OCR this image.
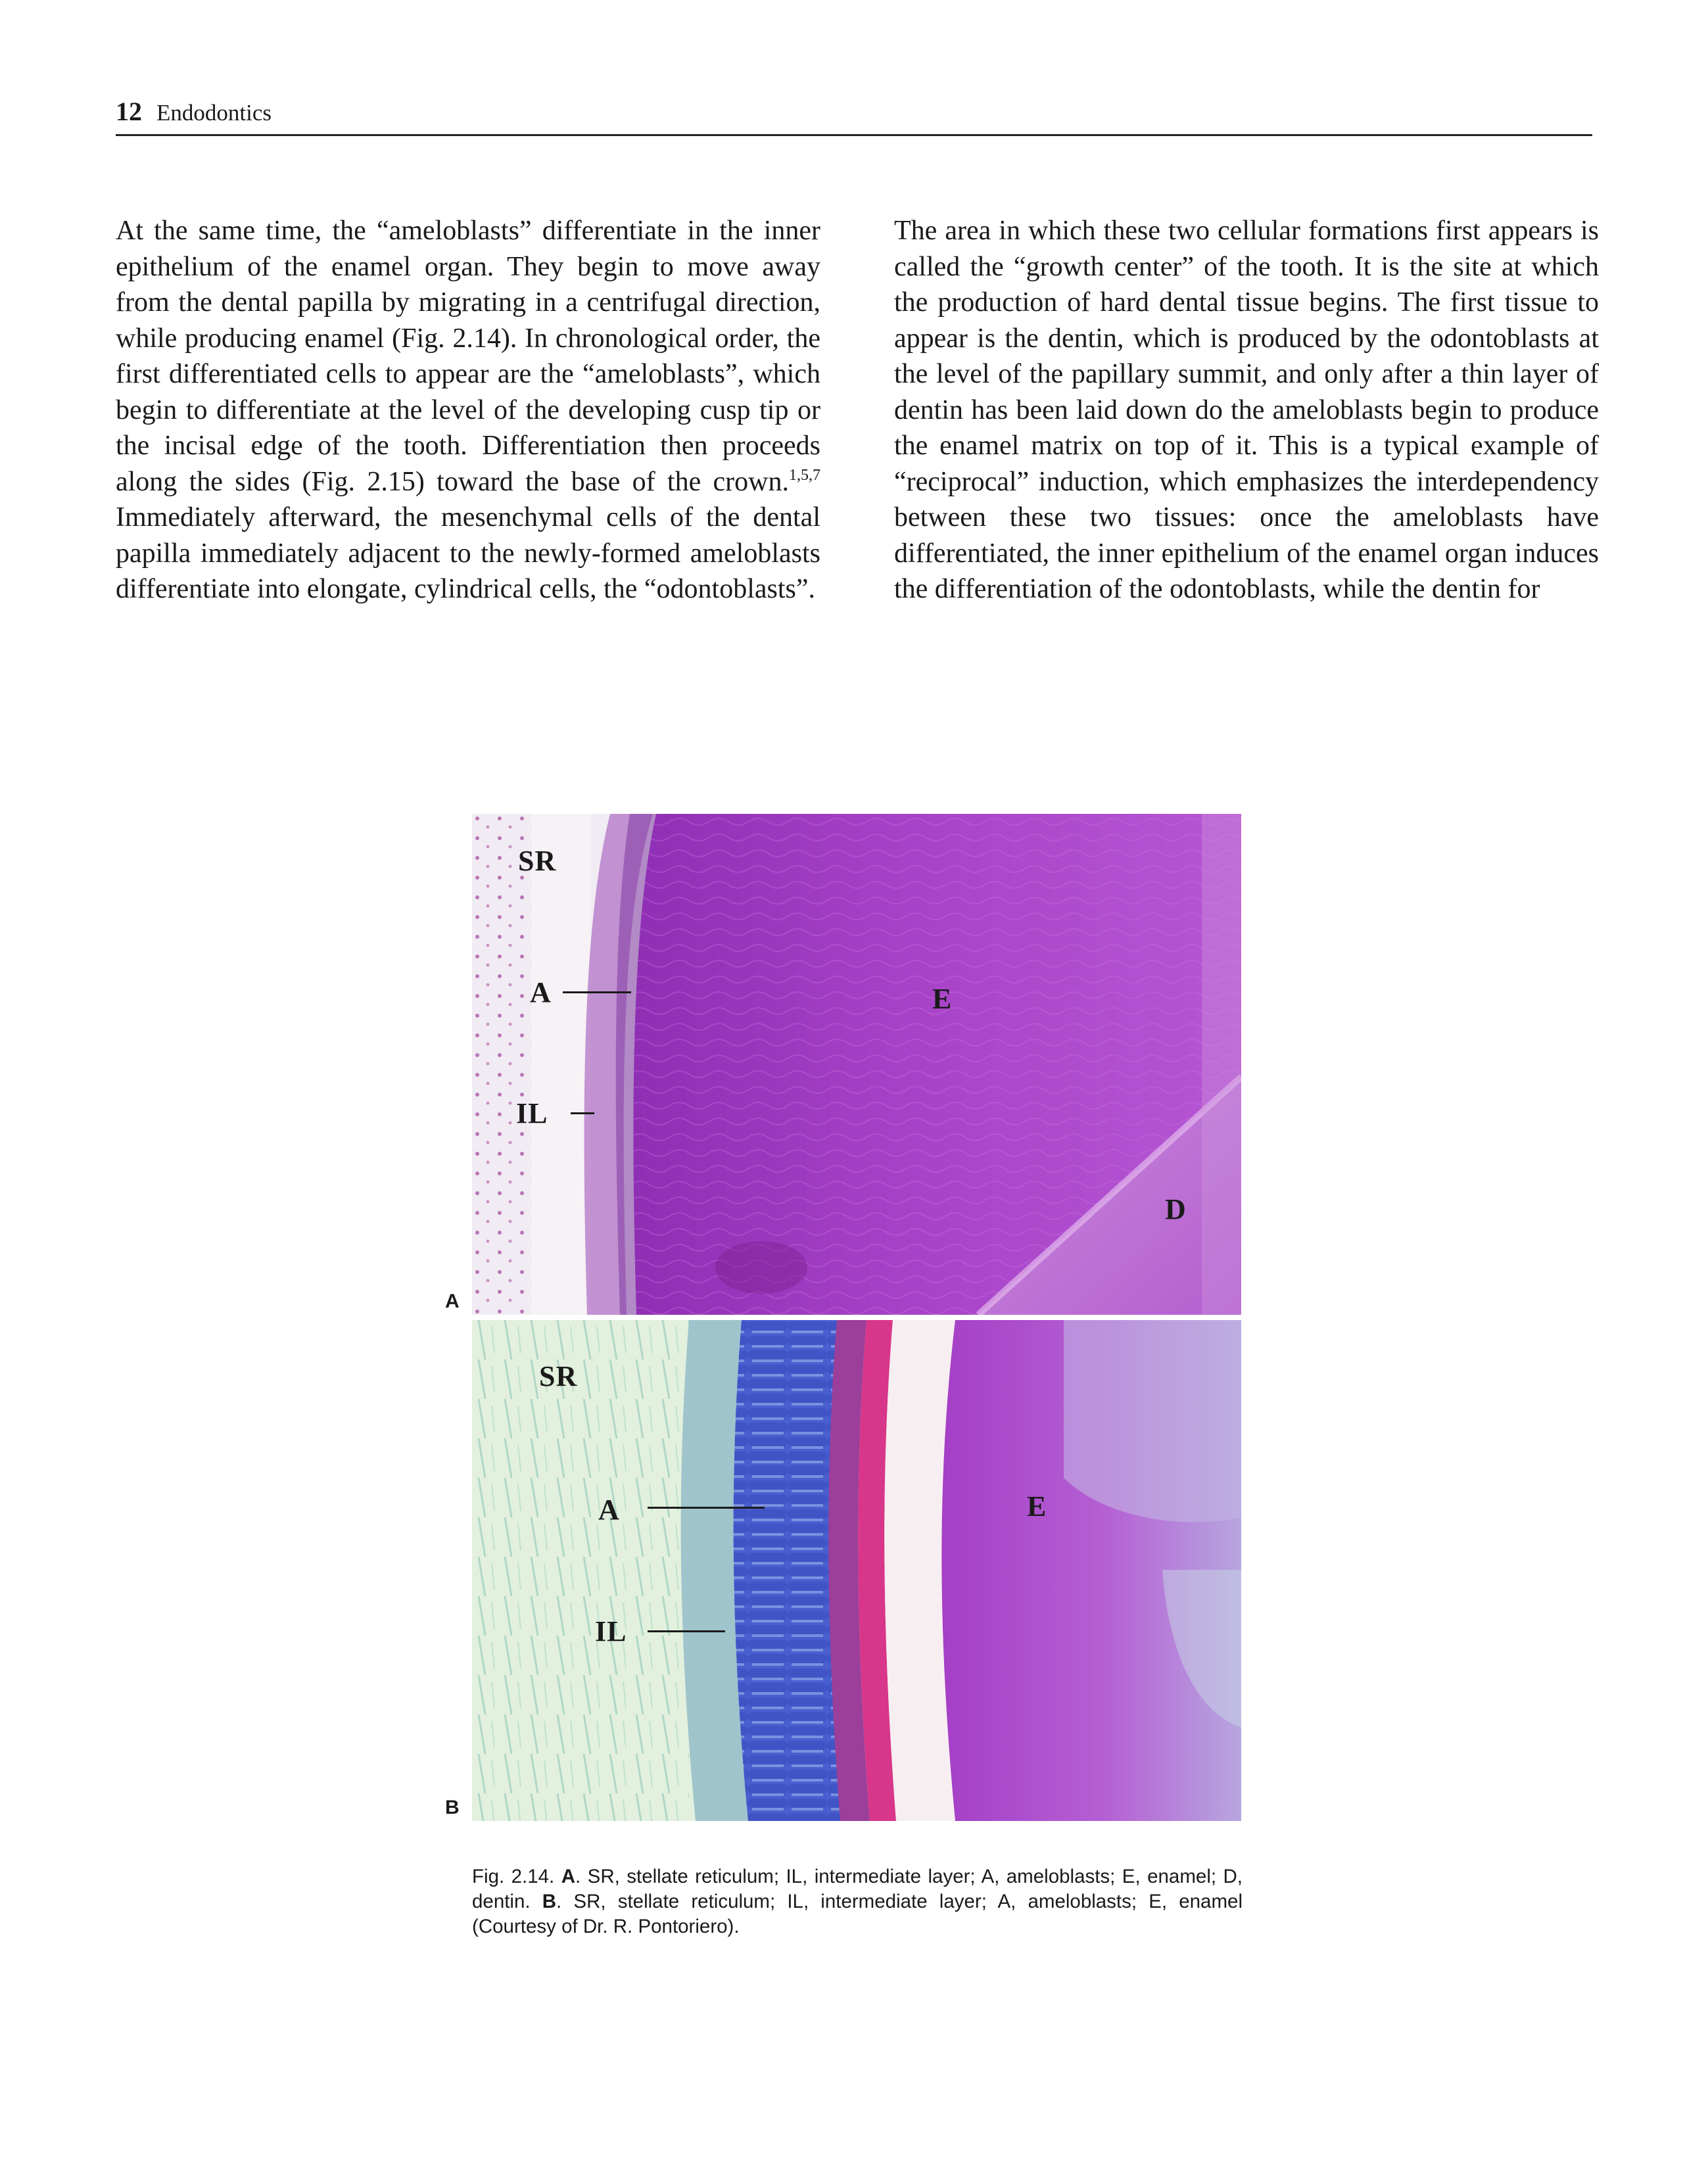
12 Endodontics

At the same time, the “ameloblasts” differentiate in the inner epithelium of the enamel organ. They begin to move away from the dental papilla by migrating in a centrifugal direction, while producing enamel (Fig. 2.14). In chronological order, the first differentiated cells to appear are the “ameloblasts”, which begin to differentiate at the level of the developing cusp tip or the incisal edge of the tooth. Differentiation then proceeds along the sides (Fig. 2.15) toward the base of the crown.$^{1,5,7}$ Immediately afterward, the mesenchymal cells of the dental papilla immediately adjacent to the newly-formed ameloblasts differentiate into elongate, cylindrical cells, the “odontoblasts”.

The area in which these two cellular formations first appears is called the “growth center” of the tooth. It is the site at which the production of hard dental tissue begins. The first tissue to appear is the dentin, which is produced by the odontoblasts at the level of the papillary summit, and only after a thin layer of dentin has been laid down do the ameloblasts begin to produce the enamel matrix on top of it. This is a typical example of “reciprocal” induction, which emphasizes the interdependency between these two tissues: once the ameloblasts have differentiated, the inner epithelium of the enamel organ induces the differentiation of the odontoblasts, while the dentin for

SR
A
IL
E
D
A
SR
A
IL
E
B
Fig. 2.14. A. SR, stellate reticulum; IL, intermediate layer; A, ameloblasts; E, enamel; D, dentin. B. SR, stellate reticulum; IL, intermediate layer; A, ameloblasts; E, enamel (Courtesy of Dr. R. Pontoriero).
